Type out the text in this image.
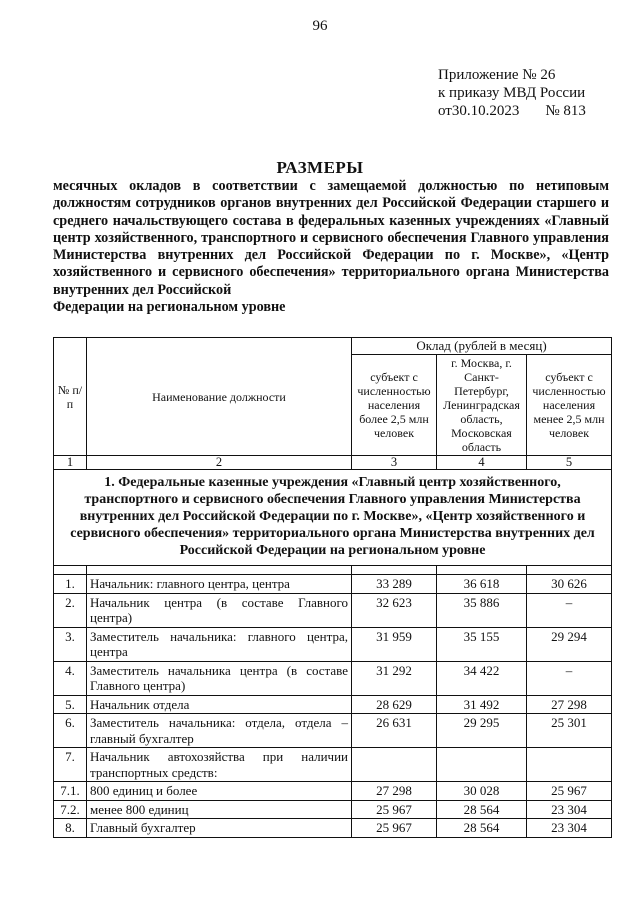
96
Приложение № 26
к приказу МВД России
от30.10.2023 № 813
РАЗМЕРЫ
месячных окладов в соответствии с замещаемой должностью по нетиповым должностям сотрудников органов внутренних дел Российской Федерации старшего и среднего начальствующего состава в федеральных казенных учреждениях «Главный центр хозяйственного, транспортного и сервисного обеспечения Главного управления Министерства внутренних дел Российской Федерации по г. Москве», «Центр хозяйственного и сервисного обеспечения» территориального органа Министерства внутренних дел Российской
Федерации на региональном уровне
№ п/п	Наименование должности	Оклад (рублей в месяц)		
		субъект с численностью населения более 2,5 млн человек	г. Москва, г. Санкт-Петербург, Ленинградская область, Московская область	субъект с численностью населения менее 2,5 млн человек
1	2	3	4	5
1. Федеральные казенные учреждения «Главный центр хозяйственного, транспортного и сервисного обеспечения Главного управления Министерства внутренних дел Российской Федерации по г. Москве», «Центр хозяйственного и сервисного обеспечения» территориального органа Министерства внутренних дел Российской Федерации на региональном уровне				

1.	Начальник: главного центра, центра	33 289	36 618	30 626
2.	Начальник центра (в составе Главного центра)	32 623	35 886	–
3.	Заместитель начальника: главного центра, центра	31 959	35 155	29 294
4.	Заместитель начальника центра (в составе Главного центра)	31 292	34 422	–
5.	Начальник отдела	28 629	31 492	27 298
6.	Заместитель начальника: отдела, отдела – главный бухгалтер	26 631	29 295	25 301
7.	Начальник автохозяйства при наличии транспортных средств:			
7.1.	800 единиц и более	27 298	30 028	25 967
7.2.	менее 800 единиц	25 967	28 564	23 304
8.	Главный бухгалтер	25 967	28 564	23 304
